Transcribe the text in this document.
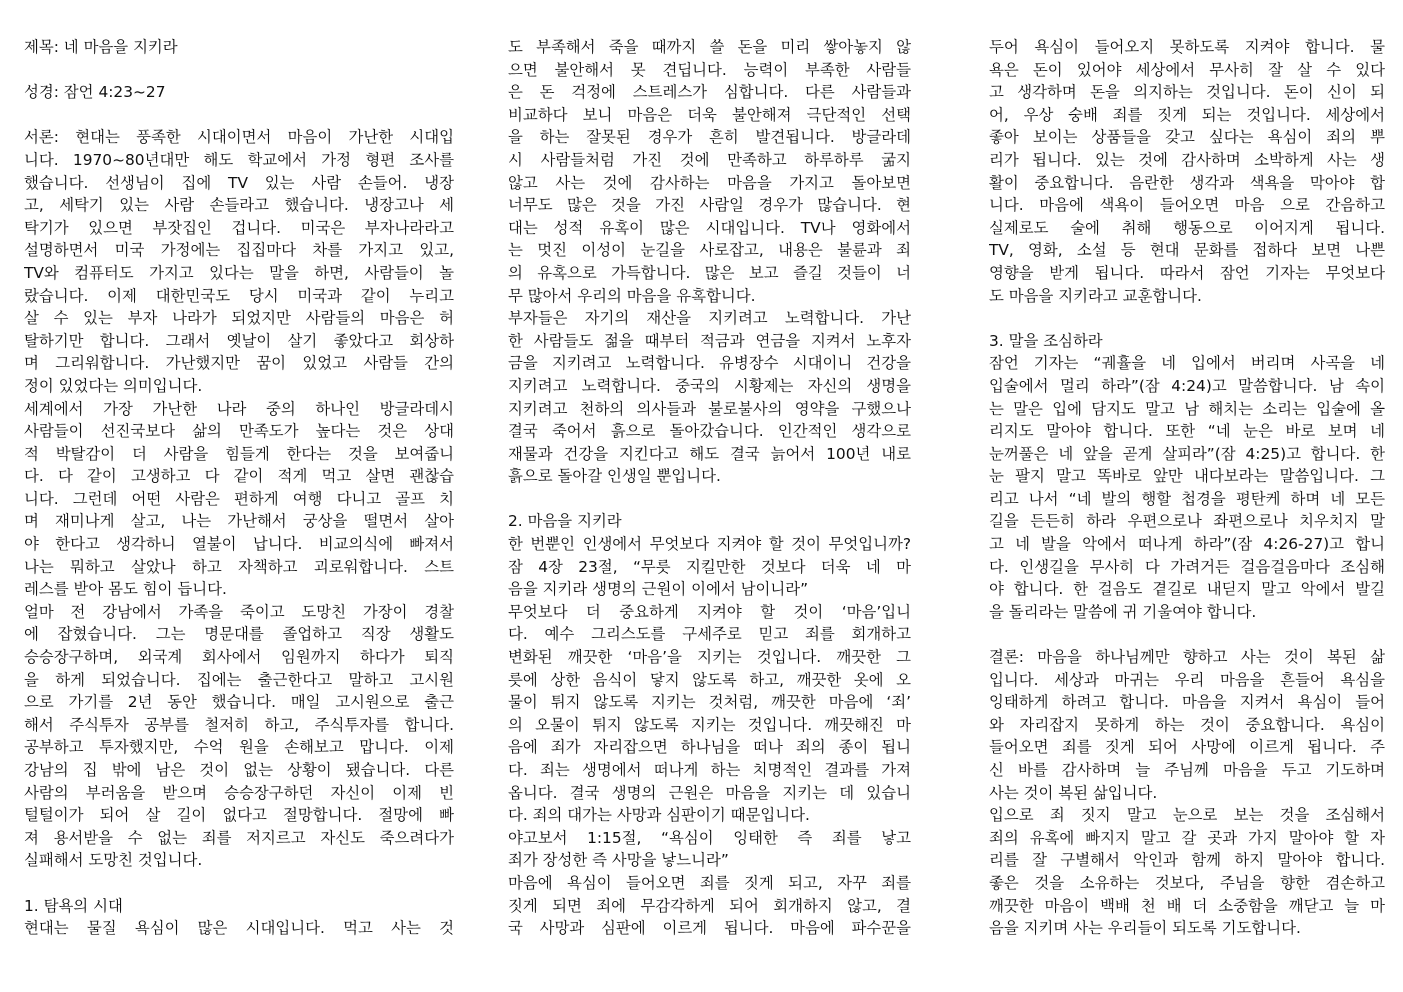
제목: 네 마음을 지키라
성경: 잠언 4:23~27
서론: 현대는 풍족한 시대이면서 마음이 가난한 시대입
니다. 1970~80년대만 해도 학교에서 가정 형편 조사를
했습니다. 선생님이 집에 TV 있는 사람 손들어. 냉장
고, 세탁기 있는 사람 손들라고 했습니다. 냉장고나 세
탁기가 있으면 부잣집인 겁니다. 미국은 부자나라라고
설명하면서 미국 가정에는 집집마다 차를 가지고 있고,
TV와 컴퓨터도 가지고 있다는 말을 하면, 사람들이 놀
랐습니다. 이제 대한민국도 당시 미국과 같이 누리고
살 수 있는 부자 나라가 되었지만 사람들의 마음은 허
탈하기만 합니다. 그래서 옛날이 살기 좋았다고 회상하
며 그리워합니다. 가난했지만 꿈이 있었고 사람들 간의
정이 있었다는 의미입니다.
세계에서 가장 가난한 나라 중의 하나인 방글라데시
사람들이 선진국보다 삶의 만족도가 높다는 것은 상대
적 박탈감이 더 사람을 힘들게 한다는 것을 보여줍니
다. 다 같이 고생하고 다 같이 적게 먹고 살면 괜찮습
니다. 그런데 어떤 사람은 편하게 여행 다니고 골프 치
며 재미나게 살고, 나는 가난해서 궁상을 떨면서 살아
야 한다고 생각하니 열불이 납니다. 비교의식에 빠져서
나는 뭐하고 살았나 하고 자책하고 괴로워합니다. 스트
레스를 받아 몸도 힘이 듭니다.
얼마 전 강남에서 가족을 죽이고 도망친 가장이 경찰
에 잡혔습니다. 그는 명문대를 졸업하고 직장 생활도
승승장구하며, 외국계 회사에서 임원까지 하다가 퇴직
을 하게 되었습니다. 집에는 출근한다고 말하고 고시원
으로 가기를 2년 동안 했습니다. 매일 고시원으로 출근
해서 주식투자 공부를 철저히 하고, 주식투자를 합니다.
공부하고 투자했지만, 수억 원을 손해보고 맙니다. 이제
강남의 집 밖에 남은 것이 없는 상황이 됐습니다. 다른
사람의 부러움을 받으며 승승장구하던 자신이 이제 빈
털털이가 되어 살 길이 없다고 절망합니다. 절망에 빠
져 용서받을 수 없는 죄를 저지르고 자신도 죽으려다가
실패해서 도망친 것입니다.
1. 탐욕의 시대
현대는 물질 욕심이 많은 시대입니다. 먹고 사는 것
도 부족해서 죽을 때까지 쓸 돈을 미리 쌓아놓지 않
으면 불안해서 못 견딥니다. 능력이 부족한 사람들
은 돈 걱정에 스트레스가 심합니다. 다른 사람들과
비교하다 보니 마음은 더욱 불안해져 극단적인 선택
을 하는 잘못된 경우가 흔히 발견됩니다. 방글라데
시 사람들처럼 가진 것에 만족하고 하루하루 굶지
않고 사는 것에 감사하는 마음을 가지고 돌아보면
너무도 많은 것을 가진 사람일 경우가 많습니다. 현
대는 성적 유혹이 많은 시대입니다. TV나 영화에서
는 멋진 이성이 눈길을 사로잡고, 내용은 불륜과 죄
의 유혹으로 가득합니다. 많은 보고 즐길 것들이 너
무 많아서 우리의 마음을 유혹합니다.
부자들은 자기의 재산을 지키려고 노력합니다. 가난
한 사람들도 젊을 때부터 적금과 연금을 지켜서 노후자
금을 지키려고 노력합니다. 유병장수 시대이니 건강을
지키려고 노력합니다. 중국의 시황제는 자신의 생명을
지키려고 천하의 의사들과 불로불사의 영약을 구했으나
결국 죽어서 흙으로 돌아갔습니다. 인간적인 생각으로
재물과 건강을 지킨다고 해도 결국 늙어서 100년 내로
흙으로 돌아갈 인생일 뿐입니다.
2. 마음을 지키라
한 번뿐인 인생에서 무엇보다 지켜야 할 것이 무엇입니까?
잠 4장 23절, “무릇 지킬만한 것보다 더욱 네 마
음을 지키라 생명의 근원이 이에서 남이니라”
무엇보다 더 중요하게 지켜야 할 것이 ‘마음’입니
다. 예수 그리스도를 구세주로 믿고 죄를 회개하고
변화된 깨끗한 ‘마음’을 지키는 것입니다. 깨끗한 그
릇에 상한 음식이 닿지 않도록 하고, 깨끗한 옷에 오
물이 튀지 않도록 지키는 것처럼, 깨끗한 마음에 ‘죄’
의 오물이 튀지 않도록 지키는 것입니다. 깨끗해진 마
음에 죄가 자리잡으면 하나님을 떠나 죄의 종이 됩니
다. 죄는 생명에서 떠나게 하는 치명적인 결과를 가져
옵니다. 결국 생명의 근원은 마음을 지키는 데 있습니
다. 죄의 대가는 사망과 심판이기 때문입니다.
야고보서 1:15절, “욕심이 잉태한 즉 죄를 낳고
죄가 장성한 즉 사망을 낳느니라”
마음에 욕심이 들어오면 죄를 짓게 되고, 자꾸 죄를
짓게 되면 죄에 무감각하게 되어 회개하지 않고, 결
국 사망과 심판에 이르게 됩니다. 마음에 파수꾼을
두어 욕심이 들어오지 못하도록 지켜야 합니다. 물
욕은 돈이 있어야 세상에서 무사히 잘 살 수 있다
고 생각하며 돈을 의지하는 것입니다. 돈이 신이 되
어, 우상 숭배 죄를 짓게 되는 것입니다. 세상에서
좋아 보이는 상품들을 갖고 싶다는 욕심이 죄의 뿌
리가 됩니다. 있는 것에 감사하며 소박하게 사는 생
활이 중요합니다. 음란한 생각과 색욕을 막아야 합
니다. 마음에 색욕이 들어오면 마음 으로 간음하고
실제로도 술에 취해 행동으로 이어지게 됩니다.
TV, 영화, 소설 등 현대 문화를 접하다 보면 나쁜
영향을 받게 됩니다. 따라서 잠언 기자는 무엇보다
도 마음을 지키라고 교훈합니다.
3. 말을 조심하라
잠언 기자는 “궤휼을 네 입에서 버리며 사곡을 네
입술에서 멀리 하라”(잠 4:24)고 말씀합니다. 남 속이
는 말은 입에 담지도 말고 남 해치는 소리는 입술에 올
리지도 말아야 합니다. 또한 “네 눈은 바로 보며 네
눈꺼풀은 네 앞을 곧게 살피라”(잠 4:25)고 합니다. 한
눈 팔지 말고 똑바로 앞만 내다보라는 말씀입니다. 그
리고 나서 “네 발의 행할 첩경을 평탄케 하며 네 모든
길을 든든히 하라 우편으로나 좌편으로나 치우치지 말
고 네 발을 악에서 떠나게 하라”(잠 4:26-27)고 합니
다. 인생길을 무사히 다 가려거든 걸음걸음마다 조심해
야 합니다. 한 걸음도 곁길로 내딛지 말고 악에서 발길
을 돌리라는 말씀에 귀 기울여야 합니다.
결론: 마음을 하나님께만 향하고 사는 것이 복된 삶
입니다. 세상과 마귀는 우리 마음을 흔들어 욕심을
잉태하게 하려고 합니다. 마음을 지켜서 욕심이 들어
와 자리잡지 못하게 하는 것이 중요합니다. 욕심이
들어오면 죄를 짓게 되어 사망에 이르게 됩니다. 주
신 바를 감사하며 늘 주님께 마음을 두고 기도하며
사는 것이 복된 삶입니다.
입으로 죄 짓지 말고 눈으로 보는 것을 조심해서
죄의 유혹에 빠지지 말고 갈 곳과 가지 말아야 할 자
리를 잘 구별해서 악인과 함께 하지 말아야 합니다.
좋은 것을 소유하는 것보다, 주님을 향한 겸손하고
깨끗한 마음이 백배 천 배 더 소중함을 깨닫고 늘 마
음을 지키며 사는 우리들이 되도록 기도합니다.
